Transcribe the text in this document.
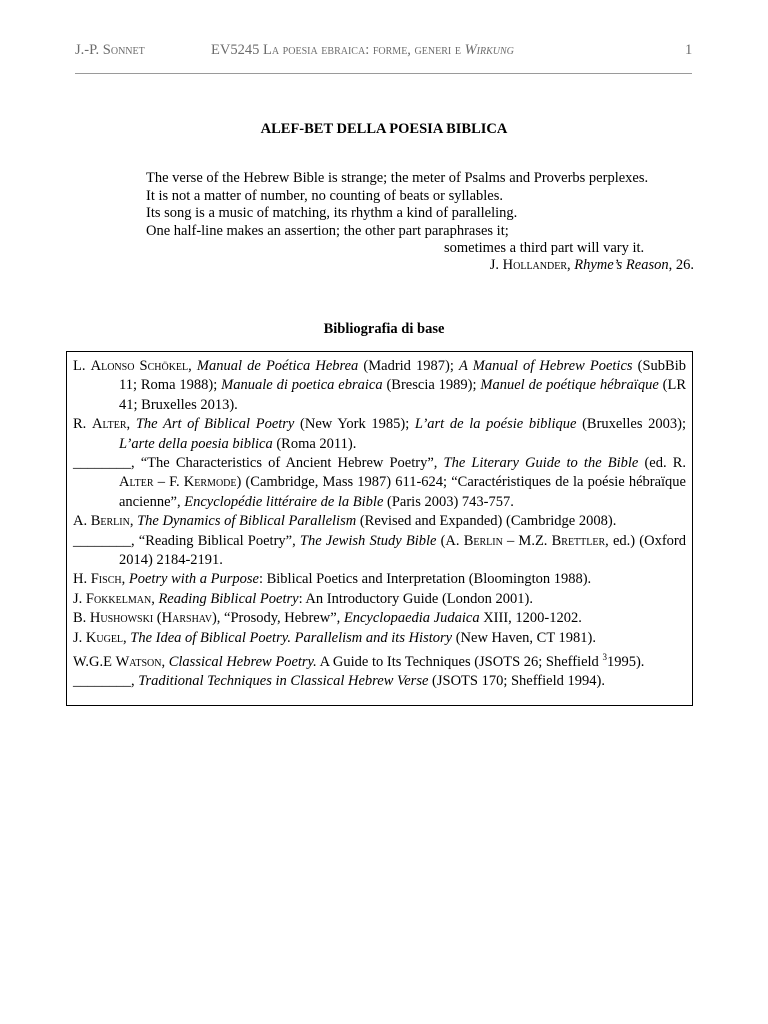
J.-P. Sonnet	EV5245 La poesia ebraica: forme, generi e Wirkung	1
ALEF-BET DELLA POESIA BIBLICA
The verse of the Hebrew Bible is strange; the meter of Psalms and Proverbs perplexes.
It is not a matter of number, no counting of beats or syllables.
Its song is a music of matching, its rhythm a kind of paralleling.
One half-line makes an assertion; the other part paraphrases it;
sometimes a third part will vary it.
J. Hollander, Rhyme’s Reason, 26.
Bibliografia di base
L. Alonso Schökel, Manual de Poética Hebrea (Madrid 1987); A Manual of Hebrew Poetics (SubBib 11; Roma 1988); Manuale di poetica ebraica (Brescia 1989); Manuel de poétique hébraïque (LR 41; Bruxelles 2013).
R. Alter, The Art of Biblical Poetry (New York 1985); L’art de la poésie biblique (Bruxelles 2003); L’arte della poesia biblica (Roma 2011).
________, “The Characteristics of Ancient Hebrew Poetry”, The Literary Guide to the Bible (ed. R. Alter – F. Kermode) (Cambridge, Mass 1987) 611-624; “Caractéristiques de la poésie hébraïque ancienne”, Encyclopédie littéraire de la Bible (Paris 2003) 743-757.
A. Berlin, The Dynamics of Biblical Parallelism (Revised and Expanded) (Cambridge 2008).
________, “Reading Biblical Poetry”, The Jewish Study Bible (A. Berlin – M.Z. Brettler, ed.) (Oxford 2014) 2184-2191.
H. Fisch, Poetry with a Purpose: Biblical Poetics and Interpretation (Bloomington 1988).
J. Fokkelman, Reading Biblical Poetry: An Introductory Guide (London 2001).
B. Hushowski (Harshav), “Prosody, Hebrew”, Encyclopaedia Judaica XIII, 1200-1202.
J. Kugel, The Idea of Biblical Poetry. Parallelism and its History (New Haven, CT 1981).
W.G.E Watson, Classical Hebrew Poetry. A Guide to Its Techniques (JSOTS 26; Sheffield $^3$1995).
________, Traditional Techniques in Classical Hebrew Verse (JSOTS 170; Sheffield 1994).
